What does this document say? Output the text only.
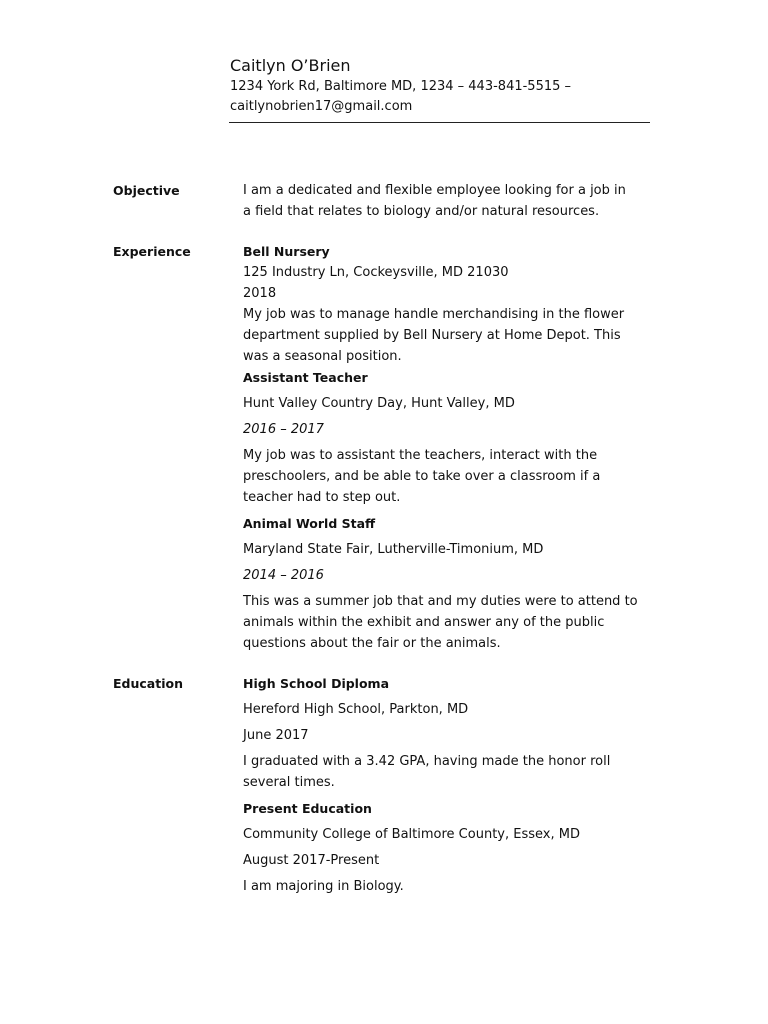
Caitlyn O’Brien
1234 York Rd, Baltimore MD, 1234 – 443-841-5515 –
caitlynobrien17@gmail.com
Objective	I am a dedicated and flexible employee looking for a job in
a field that relates to biology and/or natural resources.
Experience	Bell Nursery
125 Industry Ln, Cockeysville, MD 21030
2018
My job was to manage handle merchandising in the flower
department supplied by Bell Nursery at Home Depot. This
was a seasonal position.
Assistant Teacher
Hunt Valley Country Day, Hunt Valley, MD
2016 – 2017
My job was to assistant the teachers, interact with the
preschoolers, and be able to take over a classroom if a
teacher had to step out.
Animal World Staff
Maryland State Fair, Lutherville-Timonium, MD
2014 – 2016
This was a summer job that and my duties were to attend to
animals within the exhibit and answer any of the public
questions about the fair or the animals.
Education	High School Diploma
Hereford High School, Parkton, MD
June 2017
I graduated with a 3.42 GPA, having made the honor roll
several times.
Present Education
Community College of Baltimore County, Essex, MD
August 2017-Present
I am majoring in Biology.
